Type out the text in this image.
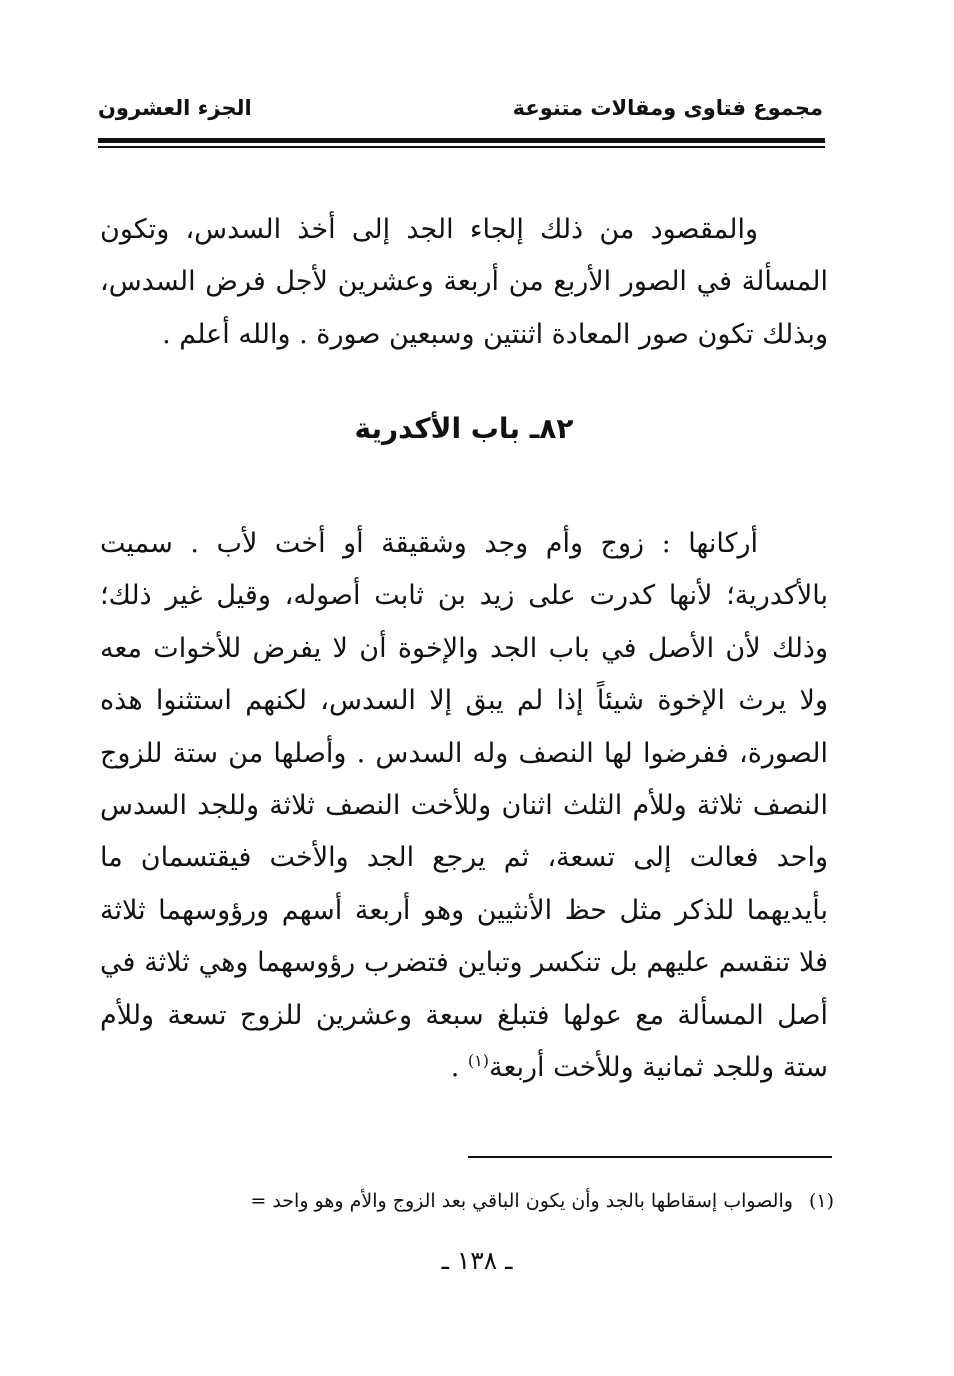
مجموع فتاوى ومقالات متنوعة
الجزء العشرون
والمقصود من ذلك إلجاء الجد إلى أخذ السدس، وتكون المسألة في الصور الأربع من أربعة وعشرين لأجل فرض السدس، وبذلك تكون صور المعادة اثنتين وسبعين صورة . والله أعلم .
٨٢ـ باب الأكدرية
أركانها : زوج وأم وجد وشقيقة أو أخت لأب . سميت بالأكدرية؛ لأنها كدرت على زيد بن ثابت أصوله، وقيل غير ذلك؛ وذلك لأن الأصل في باب الجد والإخوة أن لا يفرض للأخوات معه ولا يرث الإخوة شيئاً إذا لم يبق إلا السدس، لكنهم استثنوا هذه الصورة، ففرضوا لها النصف وله السدس . وأصلها من ستة للزوج النصف ثلاثة وللأم الثلث اثنان وللأخت النصف ثلاثة وللجد السدس واحد فعالت إلى تسعة، ثم يرجع الجد والأخت فيقتسمان ما بأيديهما للذكر مثل حظ الأنثيين وهو أربعة أسهم ورؤوسهما ثلاثة فلا تنقسم عليهم بل تنكسر وتباين فتضرب رؤوسهما وهي ثلاثة في أصل المسألة مع عولها فتبلغ سبعة وعشرين للزوج تسعة وللأم ستة وللجد ثمانية وللأخت أربعة$^{(١)}$ .
(١)والصواب إسقاطها بالجد وأن يكون الباقي بعد الزوج والأم وهو واحد =
ـ ١٣٨ ـ
